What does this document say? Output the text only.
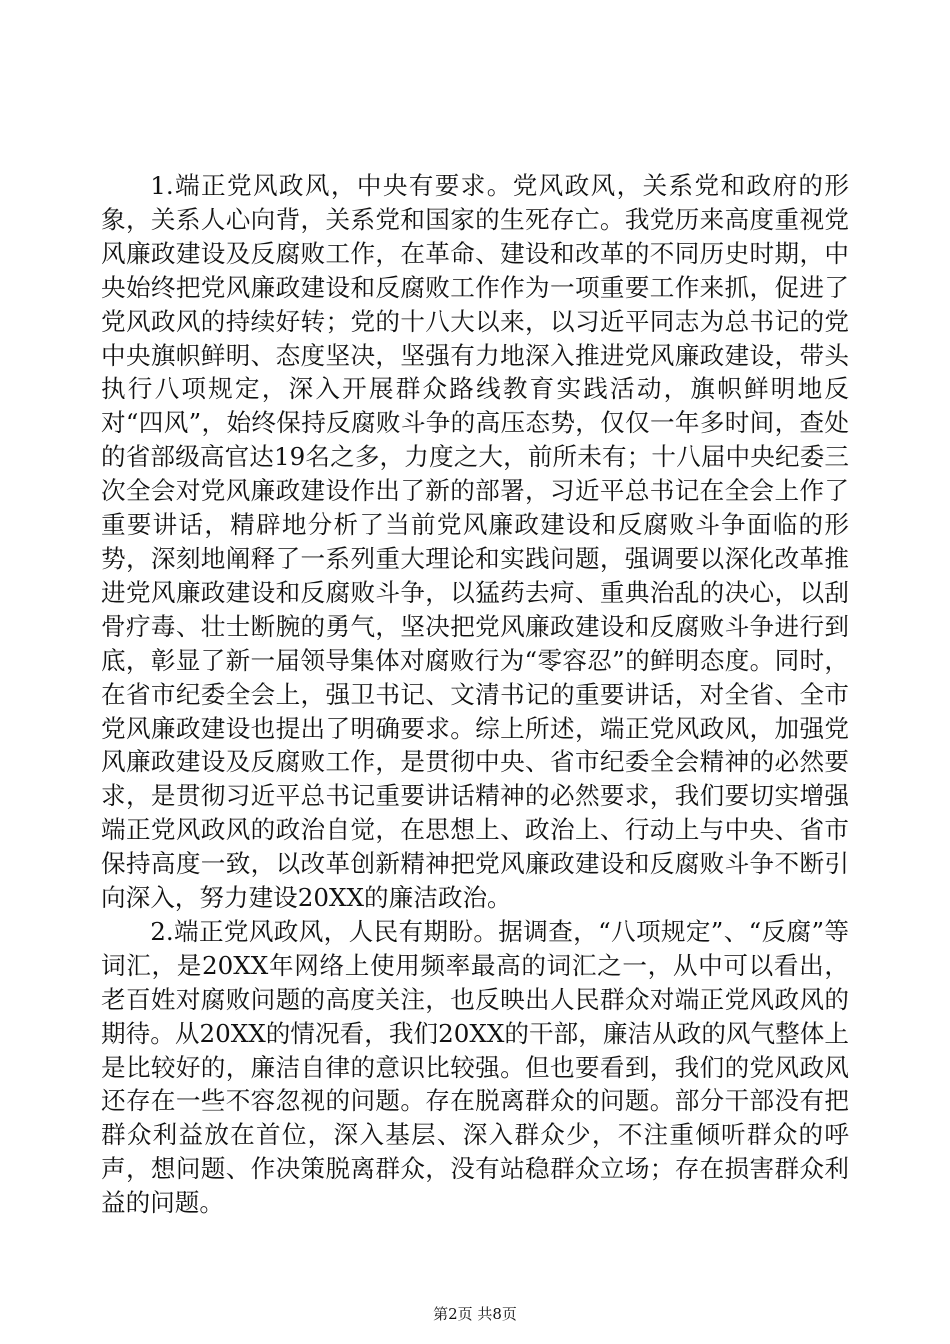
1.端正党风政风，中央有要求。党风政风，关系党和政府的形象，关系人心向背，关系党和国家的生死存亡。我党历来高度重视党风廉政建设及反腐败工作，在革命、建设和改革的不同历史时期，中央始终把党风廉政建设和反腐败工作作为一项重要工作来抓，促进了党风政风的持续好转；党的十八大以来，以习近平同志为总书记的党中央旗帜鲜明、态度坚决，坚强有力地深入推进党风廉政建设，带头执行八项规定，深入开展群众路线教育实践活动，旗帜鲜明地反对“四风”，始终保持反腐败斗争的高压态势，仅仅一年多时间，查处的省部级高官达19名之多，力度之大，前所未有；十八届中央纪委三次全会对党风廉政建设作出了新的部署，习近平总书记在全会上作了重要讲话，精辟地分析了当前党风廉政建设和反腐败斗争面临的形势，深刻地阐释了一系列重大理论和实践问题，强调要以深化改革推进党风廉政建设和反腐败斗争，以猛药去疴、重典治乱的决心，以刮骨疗毒、壮士断腕的勇气，坚决把党风廉政建设和反腐败斗争进行到底，彰显了新一届领导集体对腐败行为“零容忍”的鲜明态度。同时，在省市纪委全会上，强卫书记、文清书记的重要讲话，对全省、全市党风廉政建设也提出了明确要求。综上所述，端正党风政风，加强党风廉政建设及反腐败工作，是贯彻中央、省市纪委全会精神的必然要求，是贯彻习近平总书记重要讲话精神的必然要求，我们要切实增强端正党风政风的政治自觉，在思想上、政治上、行动上与中央、省市保持高度一致，以改革创新精神把党风廉政建设和反腐败斗争不断引向深入，努力建设20XX的廉洁政治。

2.端正党风政风，人民有期盼。据调查，“八项规定”、“反腐”等词汇，是20XX年网络上使用频率最高的词汇之一，从中可以看出，老百姓对腐败问题的高度关注，也反映出人民群众对端正党风政风的期待。从20XX的情况看，我们20XX的干部，廉洁从政的风气整体上是比较好的，廉洁自律的意识比较强。但也要看到，我们的党风政风还存在一些不容忽视的问题。存在脱离群众的问题。部分干部没有把群众利益放在首位，深入基层、深入群众少，不注重倾听群众的呼声，想问题、作决策脱离群众，没有站稳群众立场；存在损害群众利益的问题。

第2页 共8页
